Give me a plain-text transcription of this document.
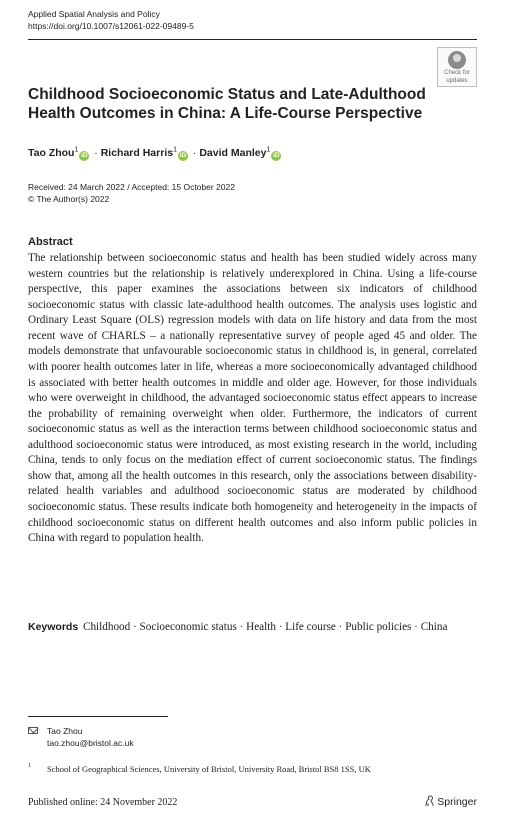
Applied Spatial Analysis and Policy
https://doi.org/10.1007/s12061-022-09489-5
Check for
updates
Childhood Socioeconomic Status and Late-Adulthood Health Outcomes in China: A Life-Course Perspective
Tao Zhou$^1$iD · Richard Harris$^1$iD · David Manley$^1$iD
Received: 24 March 2022 / Accepted: 15 October 2022
© The Author(s) 2022
Abstract

The relationship between socioeconomic status and health has been studied widely across many western countries but the relationship is relatively underexplored in China. Using a life-course perspective, this paper examines the associations between six indicators of childhood socioeconomic status with classic late-adulthood health outcomes. The analysis uses logistic and Ordinary Least Square (OLS) regression models with data on life history and data from the most recent wave of CHARLS – a nationally representative survey of people aged 45 and older. The models demonstrate that unfavourable socioeconomic status in childhood is, in general, correlated with poorer health outcomes later in life, whereas a more socioeconomically advantaged childhood is associated with better health outcomes in middle and older age. However, for those individuals who were overweight in childhood, the advantaged socioeconomic status effect appears to increase the probability of remaining overweight when older. Furthermore, the indicators of current socioeconomic status as well as the interaction terms between childhood socioeconomic status and adulthood socioeconomic status were introduced, as most existing research in the world, including China, tends to only focus on the mediation effect of current socioeconomic status. The findings show that, among all the health outcomes in this research, only the associations between disability-related health variables and adulthood socioeconomic status are moderated by childhood socioeconomic status. These results indicate both homogeneity and heterogeneity in the impacts of childhood socioeconomic status on different health outcomes and also inform public policies in China with regard to population health.

Keywords Childhood · Socioeconomic status · Health · Life course · Public policies · China
Tao Zhou
tao.zhou@bristol.ac.uk
1 School of Geographical Sciences, University of Bristol, University Road, Bristol BS8 1SS, UK
Published online: 24 November 2022	Springer
